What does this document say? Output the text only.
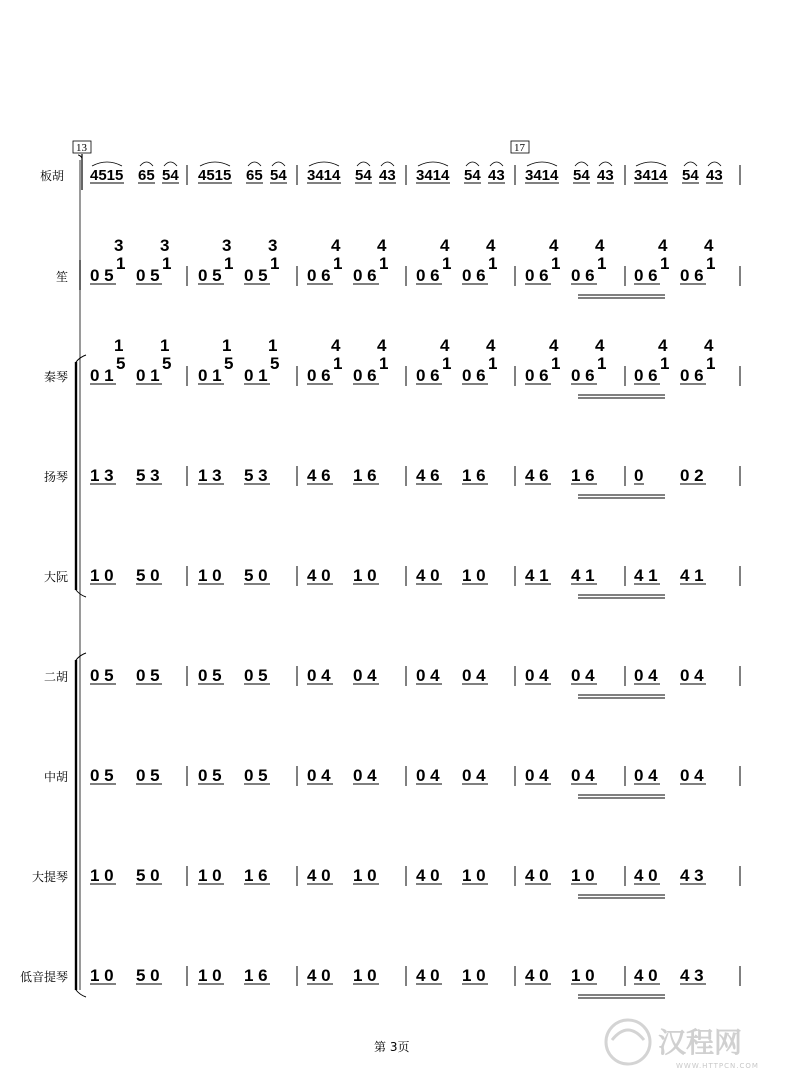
13	17
板胡
笙
秦琴
扬琴
大阮
二胡
中胡
大提琴
低音提琴
4515 65 54 4515 65 54 3414 54 43 3414 54 43 3414 54 43 3414 54 43
0 5 0 5
3
1
3
1
0 5 0 5
3
1
3
1
0 6 0 6
4
1
4
1
0 6 0 6
4
1
4
1
0 6 0 6
4
1
4
1
0 6 0 6
4
1
4
1
0 1 0 1
1
5
1
5
0 1 0 1
1
5
1
5
0 6 0 6
4
1
4
1
0 6 0 6
4
1
4
1
0 6 0 6
4
1
4
1
0 6 0 6
4
1
4
1
1 3 5 3 1 3 5 3 4 6 1 6 4 6 1 6 4 6 1 6 0 0 2
1 0 5 0 1 0 5 0 4 0 1 0 4 0 1 0 4 1 4 1 4 1 4 1
0 5 0 5 0 5 0 5 0 4 0 4 0 4 0 4 0 4 0 4 0 4 0 4
0 5 0 5 0 5 0 5 0 4 0 4 0 4 0 4 0 4 0 4 0 4 0 4
1 0 5 0 1 0 1 6 4 0 1 0 4 0 1 0 4 0 1 0 4 0 4 3
1 0 5 0 1 0 1 6 4 0 1 0 4 0 1 0 4 0 1 0 4 0 4 3
第 3页	汉程网
WWW.HTTPCN.COM
